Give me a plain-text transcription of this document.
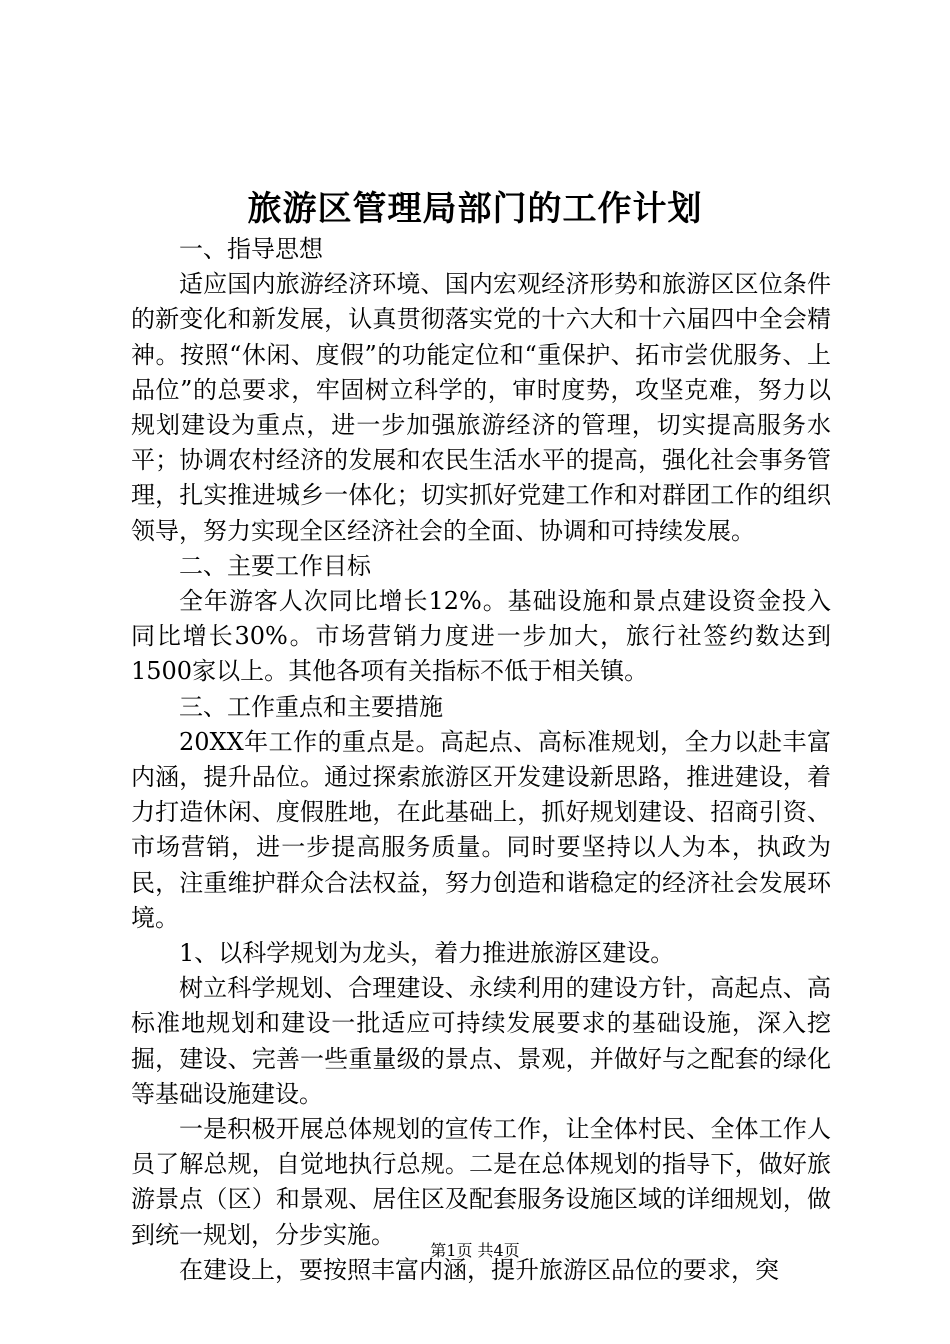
旅游区管理局部门的工作计划

一、指导思想

适应国内旅游经济环境、国内宏观经济形势和旅游区区位条件的新变化和新发展，认真贯彻落实党的十六大和十六届四中全会精神。按照“休闲、度假”的功能定位和“重保护、拓市尝优服务、上品位”的总要求，牢固树立科学的，审时度势，攻坚克难，努力以规划建设为重点，进一步加强旅游经济的管理，切实提高服务水平；协调农村经济的发展和农民生活水平的提高，强化社会事务管理，扎实推进城乡一体化；切实抓好党建工作和对群团工作的组织领导，努力实现全区经济社会的全面、协调和可持续发展。

二、主要工作目标

全年游客人次同比增长12%。基础设施和景点建设资金投入同比增长30%。市场营销力度进一步加大，旅行社签约数达到1500家以上。其他各项有关指标不低于相关镇。

三、工作重点和主要措施

20XX年工作的重点是。高起点、高标准规划，全力以赴丰富内涵，提升品位。通过探索旅游区开发建设新思路，推进建设，着力打造休闲、度假胜地，在此基础上，抓好规划建设、招商引资、市场营销，进一步提高服务质量。同时要坚持以人为本，执政为民，注重维护群众合法权益，努力创造和谐稳定的经济社会发展环境。

1、以科学规划为龙头，着力推进旅游区建设。

树立科学规划、合理建设、永续利用的建设方针，高起点、高标准地规划和建设一批适应可持续发展要求的基础设施，深入挖掘，建设、完善一些重量级的景点、景观，并做好与之配套的绿化等基础设施建设。

一是积极开展总体规划的宣传工作，让全体村民、全体工作人员了解总规，自觉地执行总规。二是在总体规划的指导下，做好旅游景点（区）和景观、居住区及配套服务设施区域的详细规划，做到统一规划，分步实施。

在建设上，要按照丰富内涵，提升旅游区品位的要求，突

第1页 共4页
